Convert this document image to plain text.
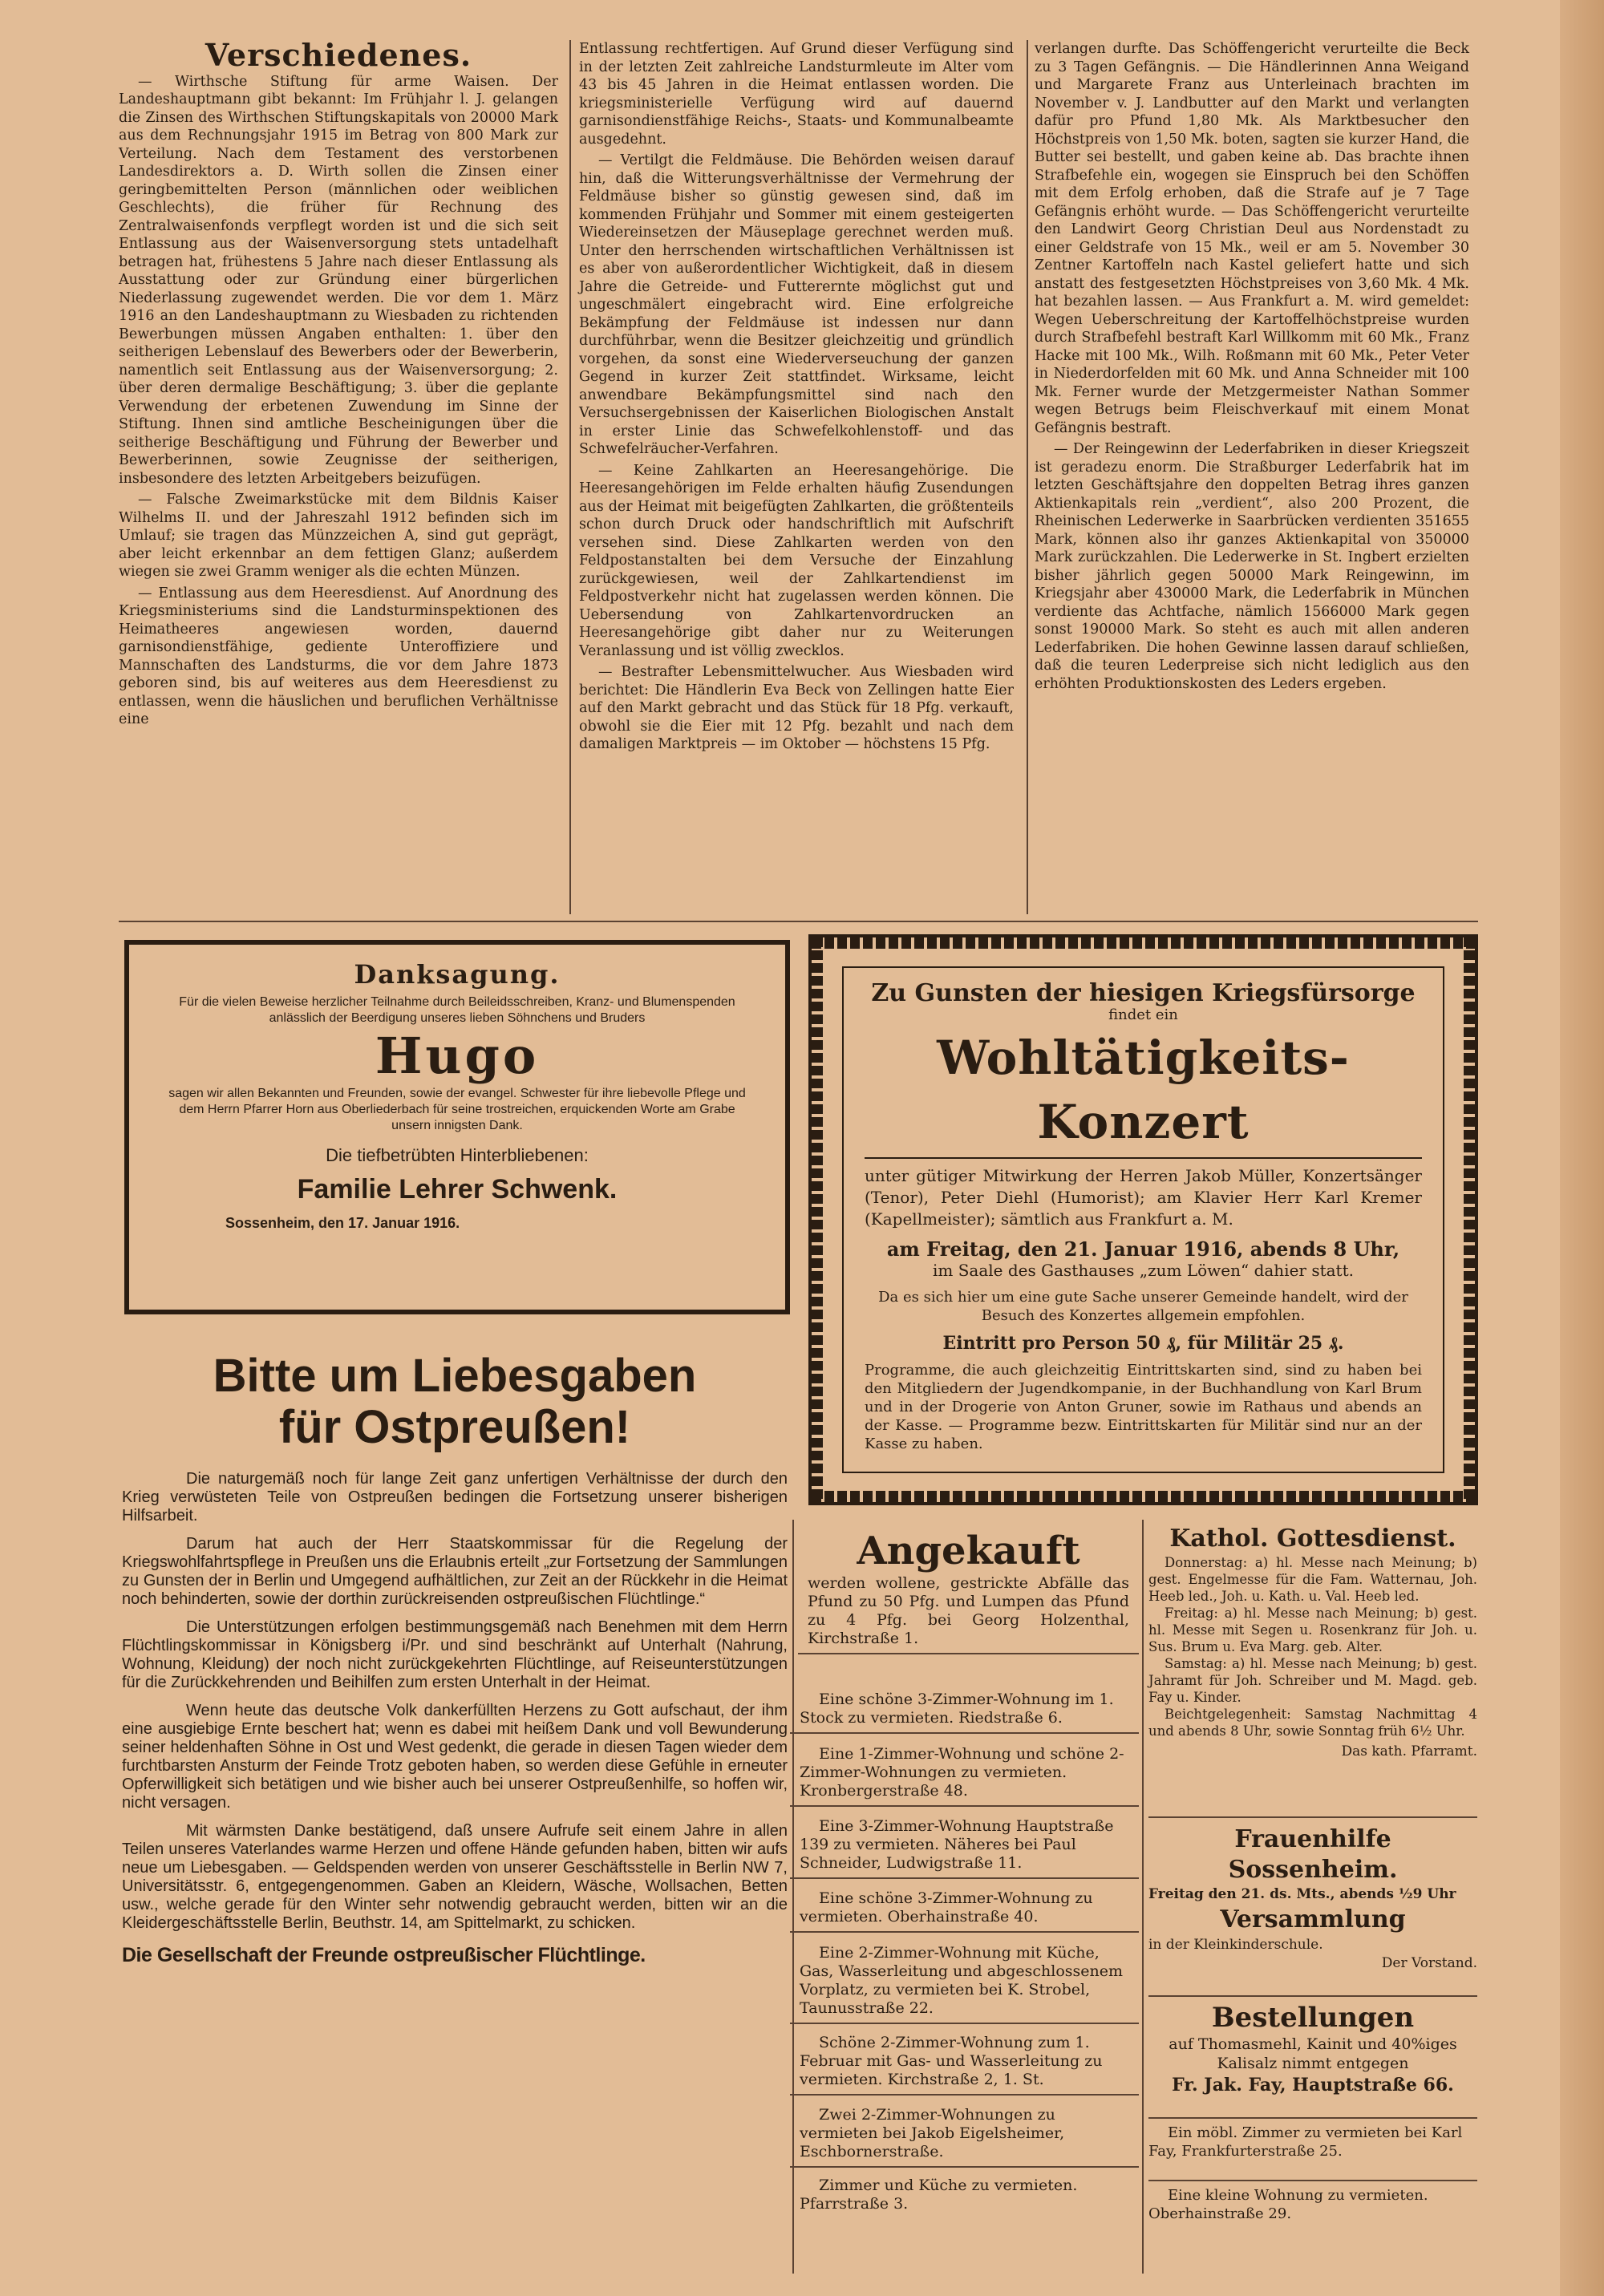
Verschiedenes.

— Wirthsche Stiftung für arme Waisen. Der Landeshauptmann gibt bekannt: Im Frühjahr l. J. gelangen die Zinsen des Wirthschen Stiftungskapitals von 20000 Mark aus dem Rechnungsjahr 1915 im Betrag von 800 Mark zur Verteilung. Nach dem Testament des verstorbenen Landesdirektors a. D. Wirth sollen die Zinsen einer geringbemittelten Person (männlichen oder weiblichen Geschlechts), die früher für Rechnung des Zentralwaisenfonds verpflegt worden ist und die sich seit Entlassung aus der Waisenversorgung stets untadelhaft betragen hat, frühestens 5 Jahre nach dieser Entlassung als Ausstattung oder zur Gründung einer bürgerlichen Niederlassung zugewendet werden. Die vor dem 1. März 1916 an den Landeshauptmann zu Wiesbaden zu richtenden Bewerbungen müssen Angaben enthalten: 1. über den seitherigen Lebenslauf des Bewerbers oder der Bewerberin, namentlich seit Entlassung aus der Waisenversorgung; 2. über deren dermalige Beschäftigung; 3. über die geplante Verwendung der erbetenen Zuwendung im Sinne der Stiftung. Ihnen sind amtliche Bescheinigungen über die seitherige Beschäftigung und Führung der Bewerber und Bewerberinnen, sowie Zeugnisse der seitherigen, insbesondere des letzten Arbeitgebers beizufügen.

— Falsche Zweimarkstücke mit dem Bildnis Kaiser Wilhelms II. und der Jahreszahl 1912 befinden sich im Umlauf; sie tragen das Münzzeichen A, sind gut geprägt, aber leicht erkennbar an dem fettigen Glanz; außerdem wiegen sie zwei Gramm weniger als die echten Münzen.

— Entlassung aus dem Heeresdienst. Auf Anordnung des Kriegsministeriums sind die Landsturminspektionen des Heimatheeres angewiesen worden, dauernd garnisondienstfähige, gediente Unteroffiziere und Mannschaften des Landsturms, die vor dem Jahre 1873 geboren sind, bis auf weiteres aus dem Heeresdienst zu entlassen, wenn die häuslichen und beruflichen Verhältnisse eine

Entlassung rechtfertigen. Auf Grund dieser Verfügung sind in der letzten Zeit zahlreiche Landsturmleute im Alter vom 43 bis 45 Jahren in die Heimat entlassen worden. Die kriegsministerielle Verfügung wird auf dauernd garnisondienstfähige Reichs-, Staats- und Kommunalbeamte ausgedehnt.

— Vertilgt die Feldmäuse. Die Behörden weisen darauf hin, daß die Witterungsverhältnisse der Vermehrung der Feldmäuse bisher so günstig gewesen sind, daß im kommenden Frühjahr und Sommer mit einem gesteigerten Wiedereinsetzen der Mäuseplage gerechnet werden muß. Unter den herrschenden wirtschaftlichen Verhältnissen ist es aber von außerordentlicher Wichtigkeit, daß in diesem Jahre die Getreide- und Futterernte möglichst gut und ungeschmälert eingebracht wird. Eine erfolgreiche Bekämpfung der Feldmäuse ist indessen nur dann durchführbar, wenn die Besitzer gleichzeitig und gründlich vorgehen, da sonst eine Wiederverseuchung der ganzen Gegend in kurzer Zeit stattfindet. Wirksame, leicht anwendbare Bekämpfungsmittel sind nach den Versuchsergebnissen der Kaiserlichen Biologischen Anstalt in erster Linie das Schwefelkohlenstoff- und das Schwefelräucher-Verfahren.

— Keine Zahlkarten an Heeresangehörige. Die Heeresangehörigen im Felde erhalten häufig Zusendungen aus der Heimat mit beigefügten Zahlkarten, die größtenteils schon durch Druck oder handschriftlich mit Aufschrift versehen sind. Diese Zahlkarten werden von den Feldpostanstalten bei dem Versuche der Einzahlung zurückgewiesen, weil der Zahlkartendienst im Feldpostverkehr nicht hat zugelassen werden können. Die Uebersendung von Zahlkartenvordrucken an Heeresangehörige gibt daher nur zu Weiterungen Veranlassung und ist völlig zwecklos.

— Bestrafter Lebensmittelwucher. Aus Wiesbaden wird berichtet: Die Händlerin Eva Beck von Zellingen hatte Eier auf den Markt gebracht und das Stück für 18 Pfg. verkauft, obwohl sie die Eier mit 12 Pfg. bezahlt und nach dem damaligen Marktpreis — im Oktober — höchstens 15 Pfg.

verlangen durfte. Das Schöffengericht verurteilte die Beck zu 3 Tagen Gefängnis. — Die Händlerinnen Anna Weigand und Margarete Franz aus Unterleinach brachten im November v. J. Landbutter auf den Markt und verlangten dafür pro Pfund 1,80 Mk. Als Marktbesucher den Höchstpreis von 1,50 Mk. boten, sagten sie kurzer Hand, die Butter sei bestellt, und gaben keine ab. Das brachte ihnen Strafbefehle ein, wogegen sie Einspruch bei den Schöffen mit dem Erfolg erhoben, daß die Strafe auf je 7 Tage Gefängnis erhöht wurde. — Das Schöffengericht verurteilte den Landwirt Georg Christian Deul aus Nordenstadt zu einer Geldstrafe von 15 Mk., weil er am 5. November 30 Zentner Kartoffeln nach Kastel geliefert hatte und sich anstatt des festgesetzten Höchstpreises von 3,60 Mk. 4 Mk. hat bezahlen lassen. — Aus Frankfurt a. M. wird gemeldet: Wegen Ueberschreitung der Kartoffelhöchstpreise wurden durch Strafbefehl bestraft Karl Willkomm mit 60 Mk., Franz Hacke mit 100 Mk., Wilh. Roßmann mit 60 Mk., Peter Veter in Niederdorfelden mit 60 Mk. und Anna Schneider mit 100 Mk. Ferner wurde der Metzgermeister Nathan Sommer wegen Betrugs beim Fleischverkauf mit einem Monat Gefängnis bestraft.

— Der Reingewinn der Lederfabriken in dieser Kriegszeit ist geradezu enorm. Die Straßburger Lederfabrik hat im letzten Geschäftsjahre den doppelten Betrag ihres ganzen Aktienkapitals rein „verdient“, also 200 Prozent, die Rheinischen Lederwerke in Saarbrücken verdienten 351655 Mark, können also ihr ganzes Aktienkapital von 350000 Mark zurückzahlen. Die Lederwerke in St. Ingbert erzielten bisher jährlich gegen 50000 Mark Reingewinn, im Kriegsjahr aber 430000 Mark, die Lederfabrik in München verdiente das Achtfache, nämlich 1566000 Mark gegen sonst 190000 Mark. So steht es auch mit allen anderen Lederfabriken. Die hohen Gewinne lassen darauf schließen, daß die teuren Lederpreise sich nicht lediglich aus den erhöhten Produktionskosten des Leders ergeben.

Danksagung.
Für die vielen Beweise herzlicher Teilnahme durch Beileidsschreiben, Kranz- und Blumenspenden anlässlich der Beerdigung unseres lieben Söhnchens und Bruders
Hugo
sagen wir allen Bekannten und Freunden, sowie der evangel. Schwester für ihre liebevolle Pflege und dem Herrn Pfarrer Horn aus Oberliederbach für seine trostreichen, erquickenden Worte am Grabe unsern innigsten Dank.
Die tiefbetrübten Hinterbliebenen:
Familie Lehrer Schwenk.
Sossenheim, den 17. Januar 1916.
Zu Gunsten der hiesigen Kriegsfürsorge
findet ein
Wohltätigkeits-Konzert
unter gütiger Mitwirkung der Herren Jakob Müller, Konzertsänger (Tenor), Peter Diehl (Humorist); am Klavier Herr Karl Kremer (Kapellmeister); sämtlich aus Frankfurt a. M.
am Freitag, den 21. Januar 1916, abends 8 Uhr,
im Saale des Gasthauses „zum Löwen“ dahier statt.
Da es sich hier um eine gute Sache unserer Gemeinde handelt, wird der Besuch des Konzertes allgemein empfohlen.
Eintritt pro Person 50 ₰, für Militär 25 ₰.
Programme, die auch gleichzeitig Eintrittskarten sind, sind zu haben bei den Mitgliedern der Jugendkompanie, in der Buchhandlung von Karl Brum und in der Drogerie von Anton Gruner, sowie im Rathaus und abends an der Kasse. — Programme bezw. Eintrittskarten für Militär sind nur an der Kasse zu haben.
Bitte um Liebesgaben
für Ostpreußen!

Die naturgemäß noch für lange Zeit ganz unfertigen Verhältnisse der durch den Krieg verwüsteten Teile von Ostpreußen bedingen die Fortsetzung unserer bisherigen Hilfsarbeit.

Darum hat auch der Herr Staatskommissar für die Regelung der Kriegswohlfahrtspflege in Preußen uns die Erlaubnis erteilt „zur Fortsetzung der Sammlungen zu Gunsten der in Berlin und Umgegend aufhältlichen, zur Zeit an der Rückkehr in die Heimat noch behinderten, sowie der dorthin zurückreisenden ostpreußischen Flüchtlinge.“

Die Unterstützungen erfolgen bestimmungsgemäß nach Benehmen mit dem Herrn Flüchtlingskommissar in Königsberg i/Pr. und sind beschränkt auf Unterhalt (Nahrung, Wohnung, Kleidung) der noch nicht zurückgekehrten Flüchtlinge, auf Reiseunterstützungen für die Zurückkehrenden und Beihilfen zum ersten Unterhalt in der Heimat.

Wenn heute das deutsche Volk dankerfüllten Herzens zu Gott aufschaut, der ihm eine ausgiebige Ernte beschert hat; wenn es dabei mit heißem Dank und voll Bewunderung seiner heldenhaften Söhne in Ost und West gedenkt, die gerade in diesen Tagen wieder dem furchtbarsten Ansturm der Feinde Trotz geboten haben, so werden diese Gefühle in erneuter Opferwilligkeit sich betätigen und wie bisher auch bei unserer Ostpreußenhilfe, so hoffen wir, nicht versagen.

Mit wärmsten Danke bestätigend, daß unsere Aufrufe seit einem Jahre in allen Teilen unseres Vaterlandes warme Herzen und offene Hände gefunden haben, bitten wir aufs neue um Liebesgaben. — Geldspenden werden von unserer Geschäftsstelle in Berlin NW 7, Universitätsstr. 6, entgegengenommen. Gaben an Kleidern, Wäsche, Wollsachen, Betten usw., welche gerade für den Winter sehr notwendig gebraucht werden, bitten wir an die Kleidergeschäftsstelle Berlin, Beuthstr. 14, am Spittelmarkt, zu schicken.

Die Gesellschaft der Freunde ostpreußischer Flüchtlinge.
Angekauft
werden wollene, gestrickte Abfälle das Pfund zu 50 Pfg. und Lumpen das Pfund zu 4 Pfg. bei Georg Holzenthal, Kirchstraße 1.

Eine schöne 3-Zimmer-Wohnung im 1. Stock zu vermieten. Riedstraße 6.

Eine 1-Zimmer-Wohnung und schöne 2-Zimmer-Wohnungen zu vermieten. Kronbergerstraße 48.

Eine 3-Zimmer-Wohnung Hauptstraße 139 zu vermieten. Näheres bei Paul Schneider, Ludwigstraße 11.

Eine schöne 3-Zimmer-Wohnung zu vermieten. Oberhainstraße 40.

Eine 2-Zimmer-Wohnung mit Küche, Gas, Wasserleitung und abgeschlossenem Vorplatz, zu vermieten bei K. Strobel, Taunusstraße 22.

Schöne 2-Zimmer-Wohnung zum 1. Februar mit Gas- und Wasserleitung zu vermieten. Kirchstraße 2, 1. St.

Zwei 2-Zimmer-Wohnungen zu vermieten bei Jakob Eigelsheimer, Eschbornerstraße.

Zimmer und Küche zu vermieten. Pfarrstraße 3.

Kathol. Gottesdienst.

Donnerstag: a) hl. Messe nach Meinung; b) gest. Engelmesse für die Fam. Watternau, Joh. Heeb led., Joh. u. Kath. u. Val. Heeb led.

Freitag: a) hl. Messe nach Meinung; b) gest. hl. Messe mit Segen u. Rosenkranz für Joh. u. Sus. Brum u. Eva Marg. geb. Alter.

Samstag: a) hl. Messe nach Meinung; b) gest. Jahramt für Joh. Schreiber und M. Magd. geb. Fay u. Kinder.

Beichtgelegenheit: Samstag Nachmittag 4 und abends 8 Uhr, sowie Sonntag früh 6½ Uhr.

Das kath. Pfarramt.
Frauenhilfe Sossenheim.
Freitag den 21. ds. Mts., abends ½9 Uhr
Versammlung
in der Kleinkinderschule.
Der Vorstand.
Bestellungen
auf Thomasmehl, Kainit und 40%iges Kalisalz nimmt entgegen
Fr. Jak. Fay, Hauptstraße 66.

Ein möbl. Zimmer zu vermieten bei Karl Fay, Frankfurterstraße 25.

Eine kleine Wohnung zu vermieten. Oberhainstraße 29.
